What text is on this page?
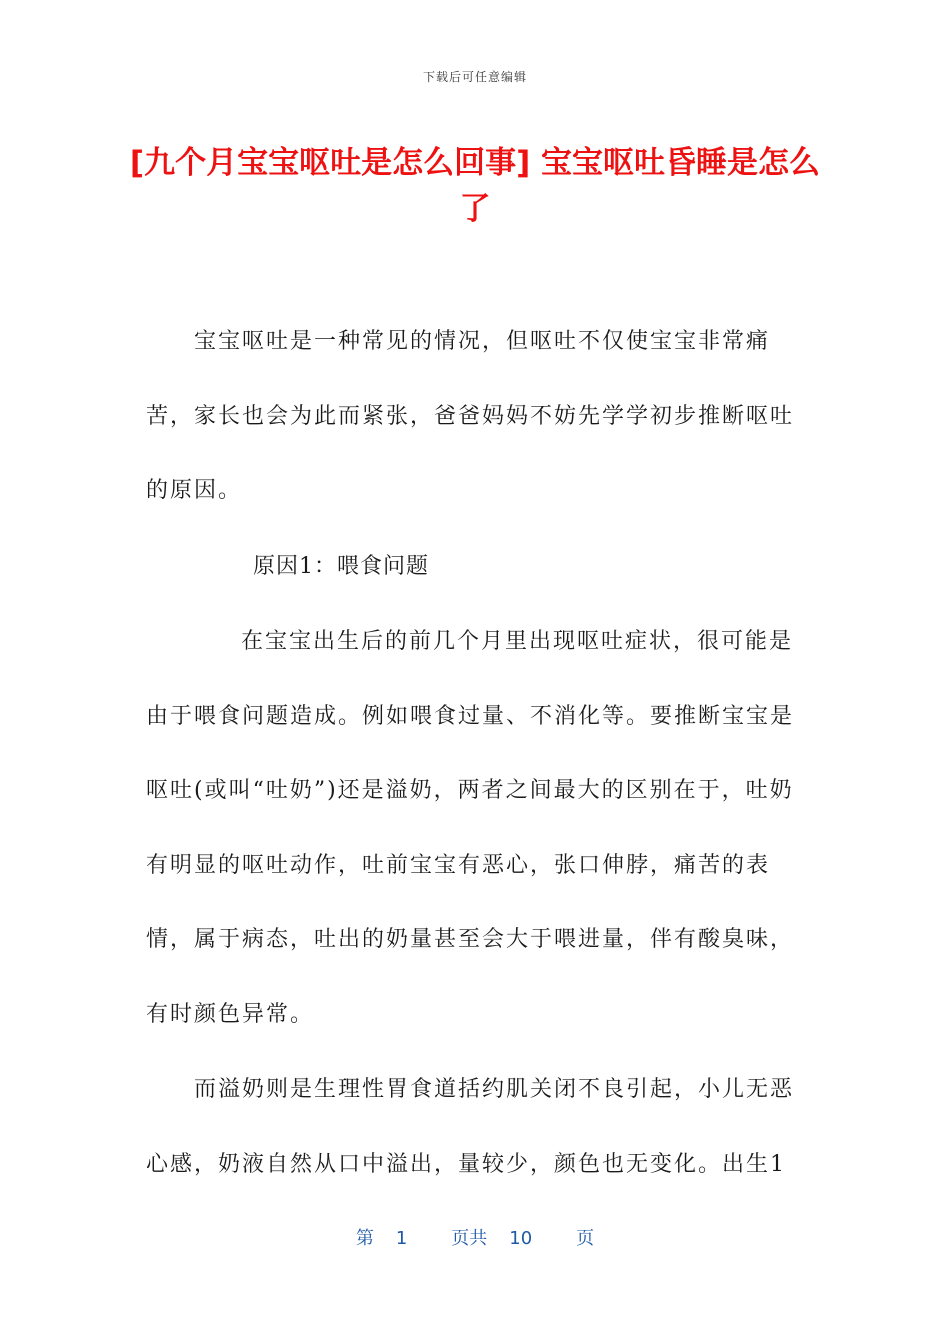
下载后可任意编辑
[九个月宝宝呕吐是怎么回事] 宝宝呕吐昏睡是怎么了
宝宝呕吐是一种常见的情况，但呕吐不仅使宝宝非常痛苦，家长也会为此而紧张，爸爸妈妈不妨先学学初步推断呕吐的原因。
原因1：喂食问题
在宝宝出生后的前几个月里出现呕吐症状，很可能是由于喂食问题造成。例如喂食过量、不消化等。要推断宝宝是呕吐(或叫“吐奶”)还是溢奶，两者之间最大的区别在于，吐奶有明显的呕吐动作，吐前宝宝有恶心，张口伸脖，痛苦的表情，属于病态，吐出的奶量甚至会大于喂进量，伴有酸臭味，有时颜色异常。
而溢奶则是生理性胃食道括约肌关闭不良引起，小儿无恶心感，奶液自然从口中溢出，量较少，颜色也无变化。出生1
第 1 页共 10 页
